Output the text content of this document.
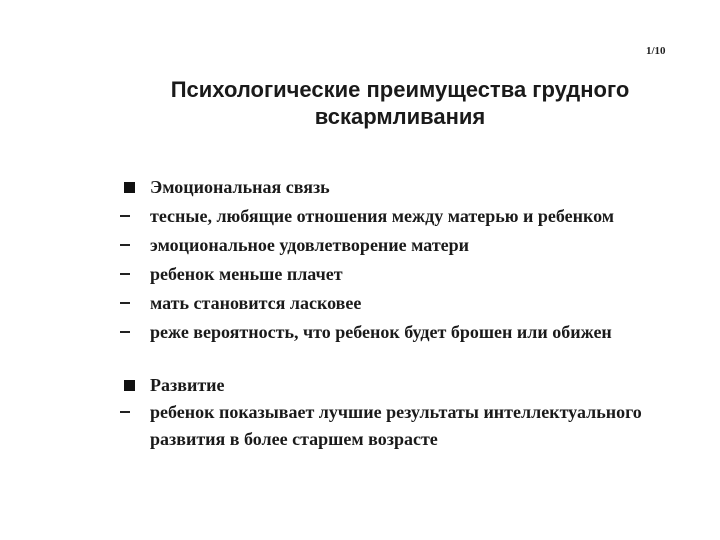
1/10
Психологические преимущества грудного вскармливания
Эмоциональная связь
тесные, любящие отношения между матерью и ребенком
эмоциональное удовлетворение матери
ребенок меньше плачет
мать становится ласковее
реже вероятность, что ребенок будет брошен или обижен
Развитие
ребенок показывает лучшие результаты интеллектуального развития в более старшем возрасте
